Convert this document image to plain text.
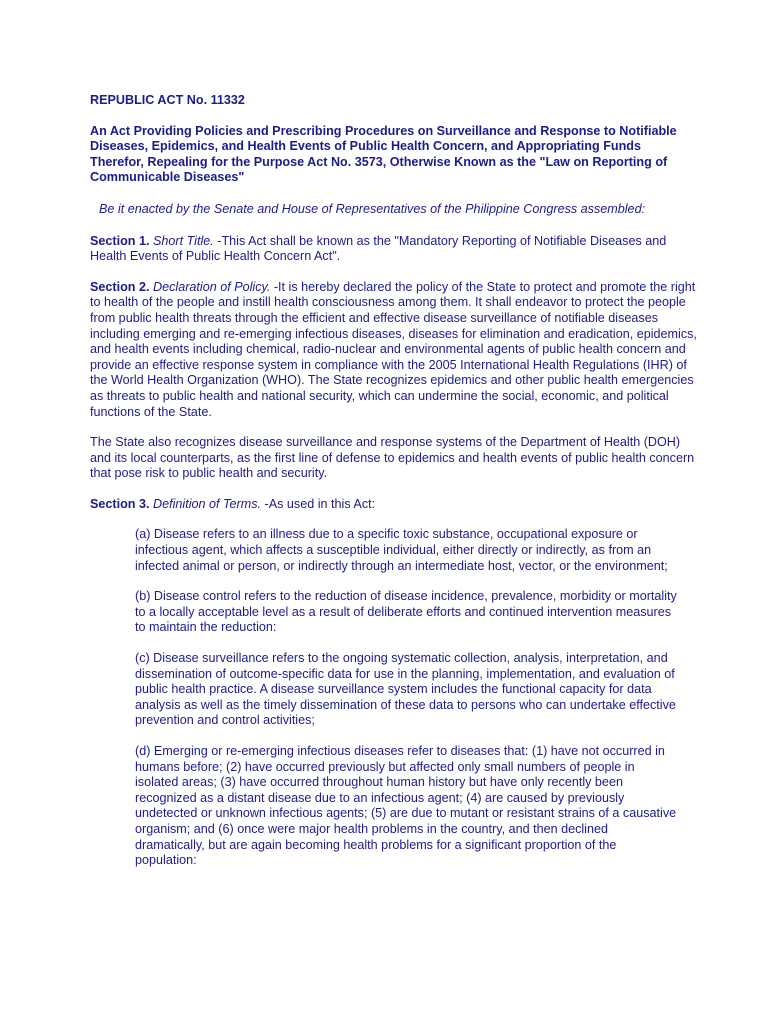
REPUBLIC ACT No. 11332
An Act Providing Policies and Prescribing Procedures on Surveillance and Response to Notifiable Diseases, Epidemics, and Health Events of Public Health Concern, and Appropriating Funds Therefor, Repealing for the Purpose Act No. 3573, Otherwise Known as the "Law on Reporting of Communicable Diseases"
Be it enacted by the Senate and House of Representatives of the Philippine Congress assembled:

Section 1. Short Title. -This Act shall be known as the "Mandatory Reporting of Notifiable Diseases and Health Events of Public Health Concern Act".

Section 2. Declaration of Policy. -It is hereby declared the policy of the State to protect and promote the right to health of the people and instill health consciousness among them. It shall endeavor to protect the people from public health threats through the efficient and effective disease surveillance of notifiable diseases including emerging and re-emerging infectious diseases, diseases for elimination and eradication, epidemics, and health events including chemical, radio-nuclear and environmental agents of public health concern and provide an effective response system in compliance with the 2005 International Health Regulations (IHR) of the World Health Organization (WHO). The State recognizes epidemics and other public health emergencies as threats to public health and national security, which can undermine the social, economic, and political functions of the State.

The State also recognizes disease surveillance and response systems of the Department of Health (DOH) and its local counterparts, as the first line of defense to epidemics and health events of public health concern that pose risk to public health and security.

Section 3. Definition of Terms. -As used in this Act:

(a) Disease refers to an illness due to a specific toxic substance, occupational exposure or infectious agent, which affects a susceptible individual, either directly or indirectly, as from an infected animal or person, or indirectly through an intermediate host, vector, or the environment;
(b) Disease control refers to the reduction of disease incidence, prevalence, morbidity or mortality to a locally acceptable level as a result of deliberate efforts and continued intervention measures to maintain the reduction:
(c) Disease surveillance refers to the ongoing systematic collection, analysis, interpretation, and dissemination of outcome-specific data for use in the planning, implementation, and evaluation of public health practice. A disease surveillance system includes the functional capacity for data analysis as well as the timely dissemination of these data to persons who can undertake effective prevention and control activities;
(d) Emerging or re-emerging infectious diseases refer to diseases that: (1) have not occurred in humans before; (2) have occurred previously but affected only small numbers of people in isolated areas; (3) have occurred throughout human history but have only recently been recognized as a distant disease due to an infectious agent; (4) are caused by previously undetected or unknown infectious agents; (5) are due to mutant or resistant strains of a causative organism; and (6) once were major health problems in the country, and then declined dramatically, but are again becoming health problems for a significant proportion of the population:
